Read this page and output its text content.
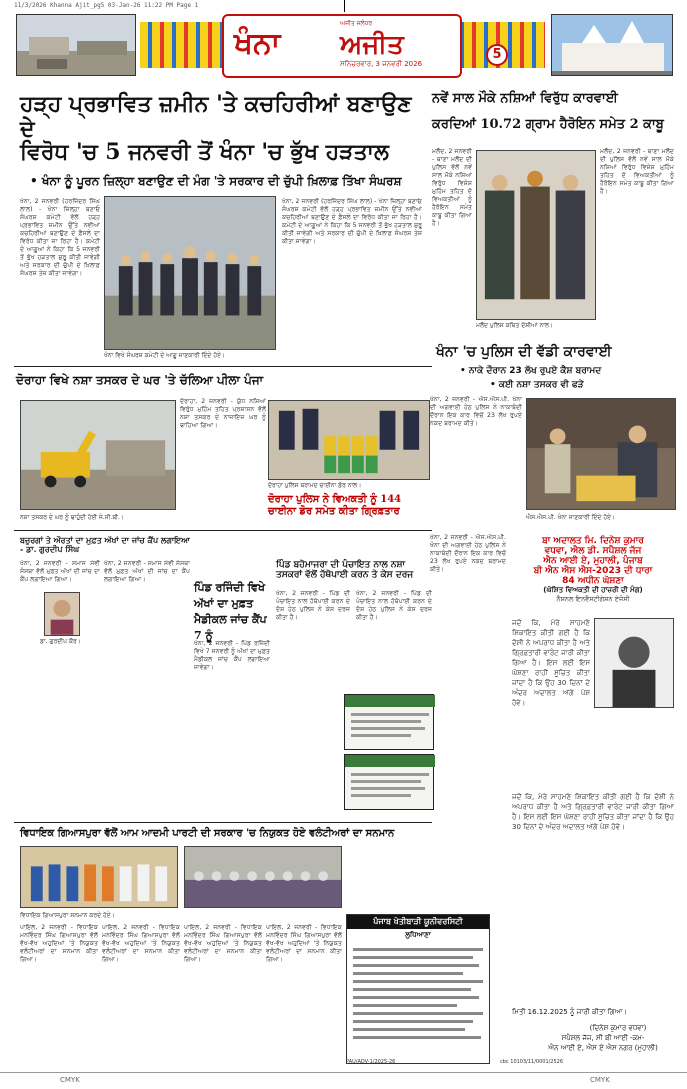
11/3/2026 Khanna Ajit_pg5 03-Jan-26 11:22 PM Page 1
ਖੰਨਾ
ਅਜੀਤ ਜਲੰਧਰ
ਅਜੀਤ
ਸਨਿਚਰਵਾਰ, 3 ਜਨਵਰੀ 2026
5
ਹੜ੍ਹ ਪ੍ਰਭਾਵਿਤ ਜ਼ਮੀਨ 'ਤੇ ਕਚਹਿਰੀਆਂ ਬਣਾਉਣ ਦੇ
ਵਿਰੋਧ 'ਚ 5 ਜਨਵਰੀ ਤੋਂ ਖੰਨਾ 'ਚ ਭੁੱਖ ਹੜਤਾਲ
• ਖੰਨਾ ਨੂੰ ਪੂਰਨ ਜ਼ਿਲ੍ਹਾ ਬਣਾਉਣ ਦੀ ਮੰਗ 'ਤੇ ਸਰਕਾਰ ਦੀ ਚੁੱਪੀ ਖ਼ਿਲਾਫ਼ ਤਿੱਖਾ ਸੰਘਰਸ਼
ਖੰਨਾ, 2 ਜਨਵਰੀ (ਹਰਜਿੰਦਰ ਸਿੰਘ ਲਾਲ) - ਖੰਨਾ ਜ਼ਿਲ੍ਹਾ ਬਣਾਓ ਸੰਘਰਸ਼ ਕਮੇਟੀ ਵੱਲੋਂ ਹੜ੍ਹ ਪ੍ਰਭਾਵਿਤ ਜ਼ਮੀਨ ਉੱਤੇ ਨਵੀਆਂ ਕਚਹਿਰੀਆਂ ਬਣਾਉਣ ਦੇ ਫ਼ੈਸਲੇ ਦਾ ਵਿਰੋਧ ਕੀਤਾ ਜਾ ਰਿਹਾ ਹੈ। ਕਮੇਟੀ ਦੇ ਆਗੂਆਂ ਨੇ ਕਿਹਾ ਕਿ 5 ਜਨਵਰੀ ਤੋਂ ਭੁੱਖ ਹੜਤਾਲ ਸ਼ੁਰੂ ਕੀਤੀ ਜਾਵੇਗੀ ਅਤੇ ਸਰਕਾਰ ਦੀ ਚੁੱਪੀ ਦੇ ਖ਼ਿਲਾਫ਼ ਸੰਘਰਸ਼ ਤੇਜ਼ ਕੀਤਾ ਜਾਵੇਗਾ।
ਖੰਨਾ ਵਿਖੇ ਸੰਘਰਸ਼ ਕਮੇਟੀ ਦੇ ਆਗੂ ਜਾਣਕਾਰੀ ਦਿੰਦੇ ਹੋਏ।
ਖੰਨਾ, 2 ਜਨਵਰੀ (ਹਰਜਿੰਦਰ ਸਿੰਘ ਲਾਲ) - ਖੰਨਾ ਜ਼ਿਲ੍ਹਾ ਬਣਾਓ ਸੰਘਰਸ਼ ਕਮੇਟੀ ਵੱਲੋਂ ਹੜ੍ਹ ਪ੍ਰਭਾਵਿਤ ਜ਼ਮੀਨ ਉੱਤੇ ਨਵੀਆਂ ਕਚਹਿਰੀਆਂ ਬਣਾਉਣ ਦੇ ਫ਼ੈਸਲੇ ਦਾ ਵਿਰੋਧ ਕੀਤਾ ਜਾ ਰਿਹਾ ਹੈ। ਕਮੇਟੀ ਦੇ ਆਗੂਆਂ ਨੇ ਕਿਹਾ ਕਿ 5 ਜਨਵਰੀ ਤੋਂ ਭੁੱਖ ਹੜਤਾਲ ਸ਼ੁਰੂ ਕੀਤੀ ਜਾਵੇਗੀ ਅਤੇ ਸਰਕਾਰ ਦੀ ਚੁੱਪੀ ਦੇ ਖ਼ਿਲਾਫ਼ ਸੰਘਰਸ਼ ਤੇਜ਼ ਕੀਤਾ ਜਾਵੇਗਾ।
ਨਵੇਂ ਸਾਲ ਮੌਕੇ ਨਸ਼ਿਆਂ ਵਿਰੁੱਧ ਕਾਰਵਾਈ
ਕਰਦਿਆਂ 10.72 ਗ੍ਰਾਮ ਹੈਰੋਇਨ ਸਮੇਤ 2 ਕਾਬੂ
ਮਲੌਦ, 2 ਜਨਵਰੀ - ਥਾਣਾ ਮਲੌਦ ਦੀ ਪੁਲਿਸ ਵੱਲੋਂ ਨਵੇਂ ਸਾਲ ਮੌਕੇ ਨਸ਼ਿਆਂ ਵਿਰੁੱਧ ਵਿਸ਼ੇਸ਼ ਮੁਹਿੰਮ ਤਹਿਤ ਦੋ ਵਿਅਕਤੀਆਂ ਨੂੰ ਹੈਰੋਇਨ ਸਮੇਤ ਕਾਬੂ ਕੀਤਾ ਗਿਆ ਹੈ।
ਮਲੌਦ ਪੁਲਿਸ ਕਥਿਤ ਦੋਸ਼ੀਆਂ ਨਾਲ।
ਮਲੌਦ, 2 ਜਨਵਰੀ - ਥਾਣਾ ਮਲੌਦ ਦੀ ਪੁਲਿਸ ਵੱਲੋਂ ਨਵੇਂ ਸਾਲ ਮੌਕੇ ਨਸ਼ਿਆਂ ਵਿਰੁੱਧ ਵਿਸ਼ੇਸ਼ ਮੁਹਿੰਮ ਤਹਿਤ ਦੋ ਵਿਅਕਤੀਆਂ ਨੂੰ ਹੈਰੋਇਨ ਸਮੇਤ ਕਾਬੂ ਕੀਤਾ ਗਿਆ ਹੈ।
ਖੰਨਾ 'ਚ ਪੁਲਿਸ ਦੀ ਵੱਡੀ ਕਾਰਵਾਈ
• ਨਾਕੇ ਦੌਰਾਨ 23 ਲੱਖ ਰੁਪਏ ਕੈਸ਼ ਬਰਾਮਦ
• ਕਈ ਨਸ਼ਾ ਤਸਕਰ ਵੀ ਫੜੇ
ਖੰਨਾ, 2 ਜਨਵਰੀ - ਐਸ.ਐਸ.ਪੀ. ਖੰਨਾ ਦੀ ਅਗਵਾਈ ਹੇਠ ਪੁਲਿਸ ਨੇ ਨਾਕਾਬੰਦੀ ਦੌਰਾਨ ਇਕ ਕਾਰ ਵਿਚੋਂ 23 ਲੱਖ ਰੁਪਏ ਨਕਦ ਬਰਾਮਦ ਕੀਤੇ।
ਐਸ.ਐਸ.ਪੀ. ਖੰਨਾ ਜਾਣਕਾਰੀ ਦਿੰਦੇ ਹੋਏ।
ਦੋਰਾਹਾ ਵਿਖੇ ਨਸ਼ਾ ਤਸਕਰ ਦੇ ਘਰ 'ਤੇ ਚੱਲਿਆ ਪੀਲਾ ਪੰਜਾ
ਦੋਰਾਹਾ, 2 ਜਨਵਰੀ - ਯੁੱਧ ਨਸ਼ਿਆਂ ਵਿਰੁੱਧ ਮੁਹਿੰਮ ਤਹਿਤ ਪ੍ਰਸ਼ਾਸਨ ਵੱਲੋਂ ਨਸ਼ਾ ਤਸਕਰ ਦੇ ਨਾਜਾਇਜ਼ ਘਰ ਨੂੰ ਢਾਹਿਆ ਗਿਆ।
ਨਸ਼ਾ ਤਸਕਰ ਦੇ ਘਰ ਨੂੰ ਢਾਹੁੰਦੀ ਹੋਈ ਜੇ.ਸੀ.ਬੀ.।
ਦੋਰਾਹਾ ਪੁਲਿਸ ਬਰਾਮਦ ਚਾਈਨਾ ਡੋਰ ਨਾਲ।
ਦੋਰਾਹਾ ਪੁਲਿਸ ਨੇ ਵਿਅਕਤੀ ਨੂੰ 144 ਚਾਈਨਾ ਡੋਰ ਸਮੇਤ ਕੀਤਾ ਗ੍ਰਿਫ਼ਤਾਰ
ਬਜ਼ੁਰਗਾਂ ਤੇ ਔਰਤਾਂ ਦਾ ਮੁਫ਼ਤ ਅੱਖਾਂ ਦਾ ਜਾਂਚ ਕੈਂਪ ਲਗਾਇਆ - ਡਾ. ਗੁਰਦੀਪ ਸਿੰਘ
ਖੰਨਾ, 2 ਜਨਵਰੀ - ਸਮਾਜ ਸੇਵੀ ਸੰਸਥਾ ਵੱਲੋਂ ਮੁਫ਼ਤ ਅੱਖਾਂ ਦੀ ਜਾਂਚ ਦਾ ਕੈਂਪ ਲਗਾਇਆ ਗਿਆ।
ਡਾ. ਗੁਰਦੀਪ ਕੌਰ।
ਖੰਨਾ, 2 ਜਨਵਰੀ - ਸਮਾਜ ਸੇਵੀ ਸੰਸਥਾ ਵੱਲੋਂ ਮੁਫ਼ਤ ਅੱਖਾਂ ਦੀ ਜਾਂਚ ਦਾ ਕੈਂਪ ਲਗਾਇਆ ਗਿਆ।
ਪਿੰਡ ਰਜਿੰਦੀ ਵਿਖੇ ਅੱਖਾਂ ਦਾ ਮੁਫ਼ਤ ਮੈਡੀਕਲ ਜਾਂਚ ਕੈਂਪ 7 ਨੂੰ
ਖੰਨਾ, 2 ਜਨਵਰੀ - ਪਿੰਡ ਰਜਿੰਦੀ ਵਿਖੇ 7 ਜਨਵਰੀ ਨੂੰ ਅੱਖਾਂ ਦਾ ਮੁਫ਼ਤ ਮੈਡੀਕਲ ਜਾਂਚ ਕੈਂਪ ਲਗਾਇਆ ਜਾਵੇਗਾ।
ਪਿੰਡ ਬਹੋਮਾਜਰਾ ਦੀ ਪੰਚਾਇਤ ਨਾਲ ਨਸ਼ਾ ਤਸਕਰਾਂ ਵੱਲੋਂ ਹੱਥੋਪਾਈ ਕਰਨ ਤੇ ਕੇਸ ਦਰਜ
ਖੰਨਾ, 2 ਜਨਵਰੀ - ਪਿੰਡ ਦੀ ਪੰਚਾਇਤ ਨਾਲ ਹੱਥੋਪਾਈ ਕਰਨ ਦੇ ਦੋਸ਼ ਹੇਠ ਪੁਲਿਸ ਨੇ ਕੇਸ ਦਰਜ ਕੀਤਾ ਹੈ।
ਖੰਨਾ, 2 ਜਨਵਰੀ - ਪਿੰਡ ਦੀ ਪੰਚਾਇਤ ਨਾਲ ਹੱਥੋਪਾਈ ਕਰਨ ਦੇ ਦੋਸ਼ ਹੇਠ ਪੁਲਿਸ ਨੇ ਕੇਸ ਦਰਜ ਕੀਤਾ ਹੈ।
ਵਿਧਾਇਕ ਗਿਆਸਪੁਰਾ ਵੱਲੋਂ ਆਮ ਆਦਮੀ ਪਾਰਟੀ ਦੀ ਸਰਕਾਰ 'ਚ ਨਿਯੁਕਤ ਹੋਏ ਵਲੰਟੀਅਰਾਂ ਦਾ ਸਨਮਾਨ
ਵਿਧਾਇਕ ਗਿਆਸਪੁਰਾ ਸਨਮਾਨ ਕਰਦੇ ਹੋਏ।
ਪਾਇਲ, 2 ਜਨਵਰੀ - ਵਿਧਾਇਕ ਮਨਵਿੰਦਰ ਸਿੰਘ ਗਿਆਸਪੁਰਾ ਵੱਲੋਂ ਵੱਖ-ਵੱਖ ਅਹੁਦਿਆਂ 'ਤੇ ਨਿਯੁਕਤ ਵਲੰਟੀਅਰਾਂ ਦਾ ਸਨਮਾਨ ਕੀਤਾ ਗਿਆ।
ਪਾਇਲ, 2 ਜਨਵਰੀ - ਵਿਧਾਇਕ ਮਨਵਿੰਦਰ ਸਿੰਘ ਗਿਆਸਪੁਰਾ ਵੱਲੋਂ ਵੱਖ-ਵੱਖ ਅਹੁਦਿਆਂ 'ਤੇ ਨਿਯੁਕਤ ਵਲੰਟੀਅਰਾਂ ਦਾ ਸਨਮਾਨ ਕੀਤਾ ਗਿਆ।
ਪਾਇਲ, 2 ਜਨਵਰੀ - ਵਿਧਾਇਕ ਮਨਵਿੰਦਰ ਸਿੰਘ ਗਿਆਸਪੁਰਾ ਵੱਲੋਂ ਵੱਖ-ਵੱਖ ਅਹੁਦਿਆਂ 'ਤੇ ਨਿਯੁਕਤ ਵਲੰਟੀਅਰਾਂ ਦਾ ਸਨਮਾਨ ਕੀਤਾ ਗਿਆ।
ਪਾਇਲ, 2 ਜਨਵਰੀ - ਵਿਧਾਇਕ ਮਨਵਿੰਦਰ ਸਿੰਘ ਗਿਆਸਪੁਰਾ ਵੱਲੋਂ ਵੱਖ-ਵੱਖ ਅਹੁਦਿਆਂ 'ਤੇ ਨਿਯੁਕਤ ਵਲੰਟੀਅਰਾਂ ਦਾ ਸਨਮਾਨ ਕੀਤਾ ਗਿਆ।
ਪੰਜਾਬ ਖੇਤੀਬਾੜੀ ਯੂਨੀਵਰਸਿਟੀ
ਲੁਧਿਆਣਾ
PAU/ADV-1/2025-26
ਖੰਨਾ, 2 ਜਨਵਰੀ - ਐਸ.ਐਸ.ਪੀ. ਖੰਨਾ ਦੀ ਅਗਵਾਈ ਹੇਠ ਪੁਲਿਸ ਨੇ ਨਾਕਾਬੰਦੀ ਦੌਰਾਨ ਇਕ ਕਾਰ ਵਿਚੋਂ 23 ਲੱਖ ਰੁਪਏ ਨਕਦ ਬਰਾਮਦ ਕੀਤੇ।
ਬਾ ਅਦਾਲਤ ਮਿ. ਦਿਨੇਸ਼ ਕੁਮਾਰ
ਵਧਵਾ, ਐਲ ਡੀ. ਸਪੈਸ਼ਲ ਜੱਜ
ਐਨ ਆਈ ਏ, ਮੁਹਾਲੀ, ਪੰਜਾਬ
ਬੀ ਐਨ ਐਸ ਐਸ-2023 ਦੀ ਧਾਰਾ
84 ਅਧੀਨ ਘੋਸ਼ਣਾ
(ਘੋਸ਼ਿਤ ਵਿਅਕਤੀ ਦੀ ਹਾਜ਼ਰੀ ਦੀ ਮੰਗ)
ਨੈਸ਼ਨਲ ਇਨਵੈਸਟੀਗੇਸ਼ਨ ਏਜੰਸੀ
ਜਦੋਂ ਕਿ, ਮੇਰੇ ਸਾਹਮਣੇ ਸ਼ਿਕਾਇਤ ਕੀਤੀ ਗਈ ਹੈ ਕਿ ਦੋਸ਼ੀ ਨੇ ਅਪਰਾਧ ਕੀਤਾ ਹੈ ਅਤੇ ਗ੍ਰਿਫ਼ਤਾਰੀ ਵਾਰੰਟ ਜਾਰੀ ਕੀਤਾ ਗਿਆ ਹੈ। ਇਸ ਲਈ ਇਸ ਘੋਸ਼ਣਾ ਰਾਹੀਂ ਸੂਚਿਤ ਕੀਤਾ ਜਾਂਦਾ ਹੈ ਕਿ ਉਹ 30 ਦਿਨਾਂ ਦੇ ਅੰਦਰ ਅਦਾਲਤ ਅੱਗੇ ਪੇਸ਼ ਹੋਵੇ।
ਜਦੋਂ ਕਿ, ਮੇਰੇ ਸਾਹਮਣੇ ਸ਼ਿਕਾਇਤ ਕੀਤੀ ਗਈ ਹੈ ਕਿ ਦੋਸ਼ੀ ਨੇ ਅਪਰਾਧ ਕੀਤਾ ਹੈ ਅਤੇ ਗ੍ਰਿਫ਼ਤਾਰੀ ਵਾਰੰਟ ਜਾਰੀ ਕੀਤਾ ਗਿਆ ਹੈ। ਇਸ ਲਈ ਇਸ ਘੋਸ਼ਣਾ ਰਾਹੀਂ ਸੂਚਿਤ ਕੀਤਾ ਜਾਂਦਾ ਹੈ ਕਿ ਉਹ 30 ਦਿਨਾਂ ਦੇ ਅੰਦਰ ਅਦਾਲਤ ਅੱਗੇ ਪੇਸ਼ ਹੋਵੇ।
ਮਿਤੀ 16.12.2025 ਨੂੰ ਜਾਰੀ ਕੀਤਾ ਗਿਆ।
(ਦਿਨੇਸ਼ ਕੁਮਾਰ ਵਧਵਾ)
ਸਪੈਸ਼ਲ ਜੱਜ, ਸੀ ਬੀ ਆਈ -ਕਮ-
ਐਨ ਆਈ ਏ, ਐਸ ਏ ਐਸ ਨਗਰ (ਮੁਹਾਲੀ)
cbc 10103/11/0001/2526
CMYK	CMYK
